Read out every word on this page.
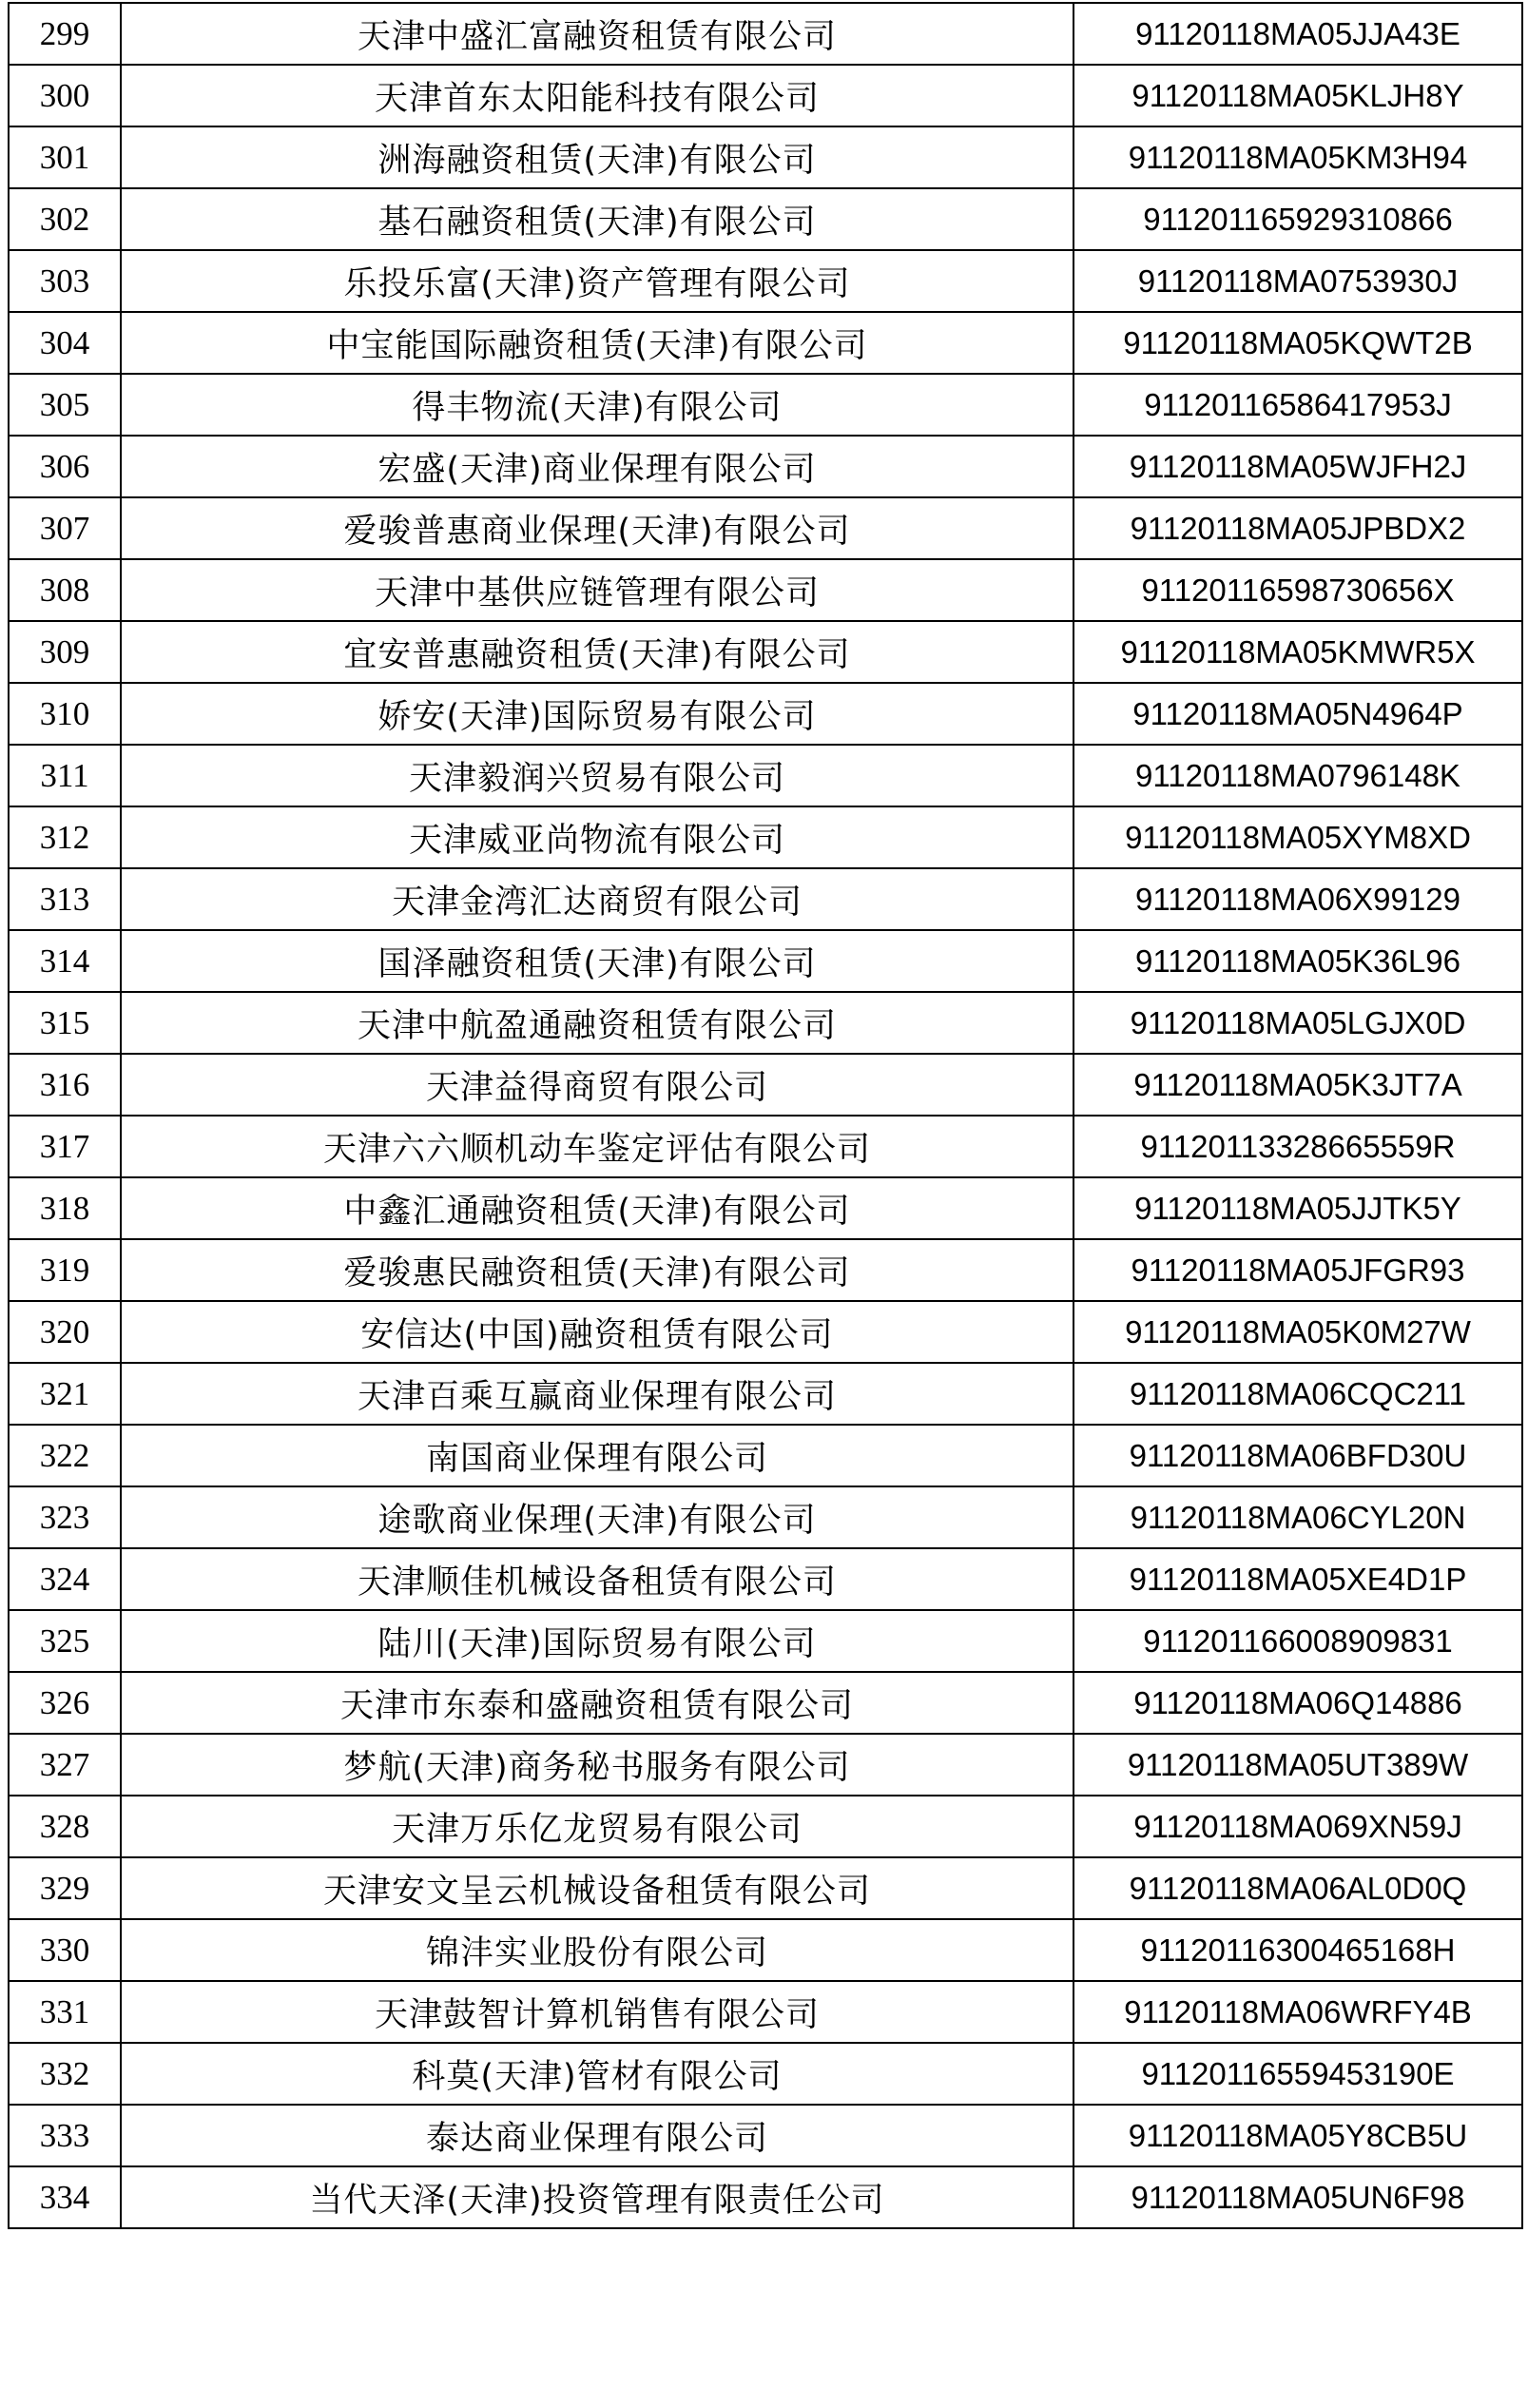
299	天津中盛汇富融资租赁有限公司	91120118MA05JJA43E
300	天津首东太阳能科技有限公司	91120118MA05KLJH8Y
301	洲海融资租赁(天津)有限公司	91120118MA05KM3H94
302	基石融资租赁(天津)有限公司	911201165929310866
303	乐投乐富(天津)资产管理有限公司	91120118MA0753930J
304	中宝能国际融资租赁(天津)有限公司	91120118MA05KQWT2B
305	得丰物流(天津)有限公司	91120116586417953J
306	宏盛(天津)商业保理有限公司	91120118MA05WJFH2J
307	爱骏普惠商业保理(天津)有限公司	91120118MA05JPBDX2
308	天津中基供应链管理有限公司	91120116598730656X
309	宜安普惠融资租赁(天津)有限公司	91120118MA05KMWR5X
310	娇安(天津)国际贸易有限公司	91120118MA05N4964P
311	天津毅润兴贸易有限公司	91120118MA0796148K
312	天津威亚尚物流有限公司	91120118MA05XYM8XD
313	天津金湾汇达商贸有限公司	91120118MA06X99129
314	国泽融资租赁(天津)有限公司	91120118MA05K36L96
315	天津中航盈通融资租赁有限公司	91120118MA05LGJX0D
316	天津益得商贸有限公司	91120118MA05K3JT7A
317	天津六六顺机动车鉴定评估有限公司	91120113328665559R
318	中鑫汇通融资租赁(天津)有限公司	91120118MA05JJTK5Y
319	爱骏惠民融资租赁(天津)有限公司	91120118MA05JFGR93
320	安信达(中国)融资租赁有限公司	91120118MA05K0M27W
321	天津百乘互赢商业保理有限公司	91120118MA06CQC211
322	南国商业保理有限公司	91120118MA06BFD30U
323	途歌商业保理(天津)有限公司	91120118MA06CYL20N
324	天津顺佳机械设备租赁有限公司	91120118MA05XE4D1P
325	陆川(天津)国际贸易有限公司	911201166008909831
326	天津市东泰和盛融资租赁有限公司	91120118MA06Q14886
327	梦航(天津)商务秘书服务有限公司	91120118MA05UT389W
328	天津万乐亿龙贸易有限公司	91120118MA069XN59J
329	天津安文呈云机械设备租赁有限公司	91120118MA06AL0D0Q
330	锦沣实业股份有限公司	91120116300465168H
331	天津鼓智计算机销售有限公司	91120118MA06WRFY4B
332	科莫(天津)管材有限公司	91120116559453190E
333	泰达商业保理有限公司	91120118MA05Y8CB5U
334	当代天泽(天津)投资管理有限责任公司	91120118MA05UN6F98
